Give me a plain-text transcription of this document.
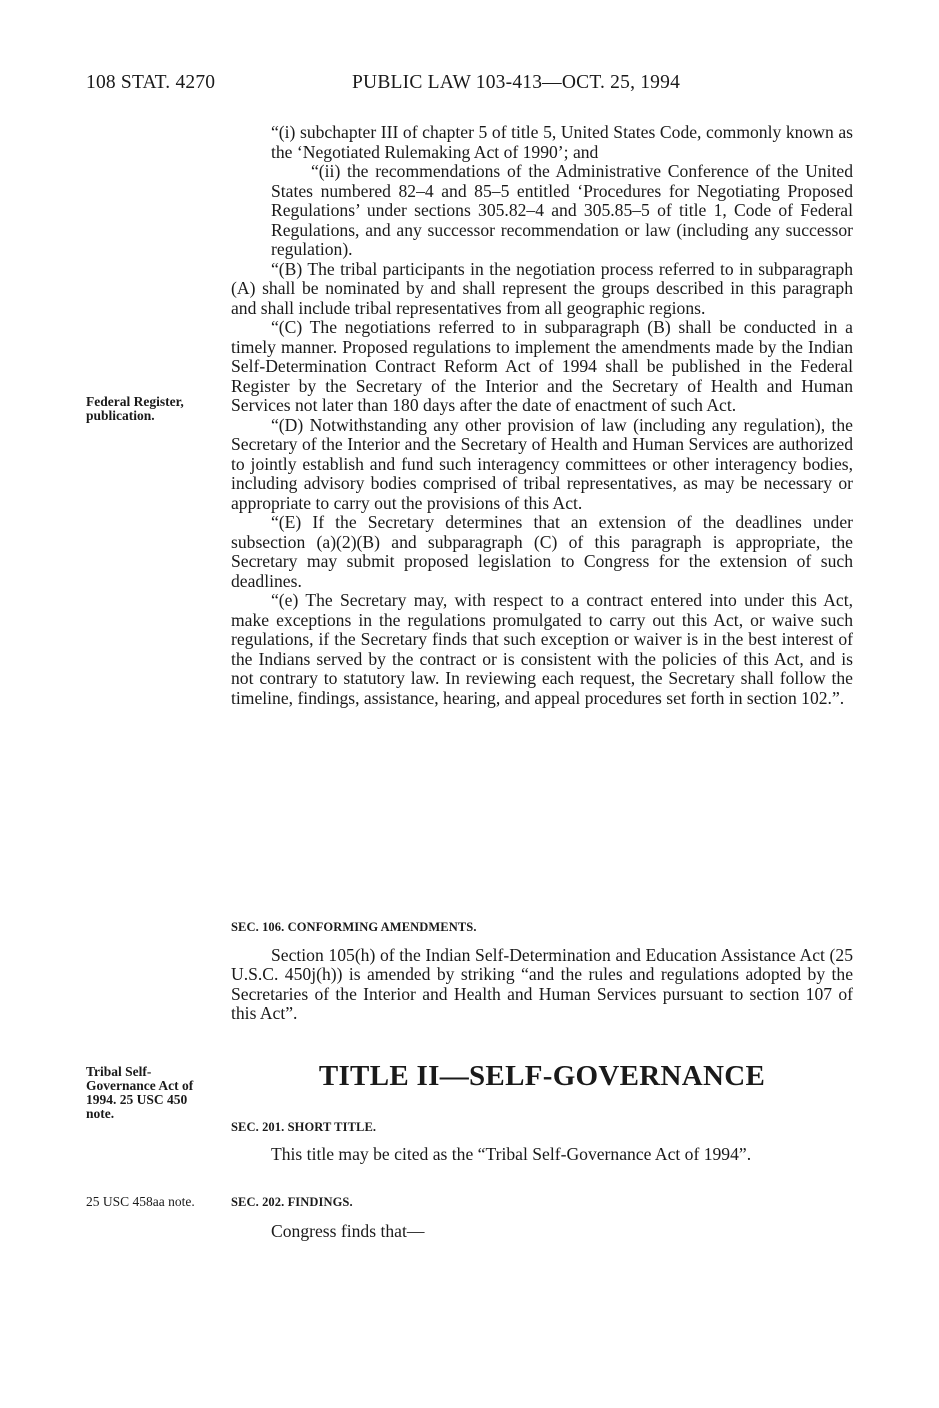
108 STAT. 4270	PUBLIC LAW 103-413—OCT. 25, 1994
Federal Register, publication.
Tribal Self-Governance Act of 1994. 25 USC 450 note.
25 USC 458aa note.

“(i) subchapter III of chapter 5 of title 5, United States Code, commonly known as the ‘Negotiated Rulemaking Act of 1990’; and

“(ii) the recommendations of the Administrative Conference of the United States numbered 82–4 and 85–5 entitled ‘Procedures for Negotiating Proposed Regulations’ under sections 305.82–4 and 305.85–5 of title 1, Code of Federal Regulations, and any successor recommendation or law (including any successor regulation).

“(B) The tribal participants in the negotiation process referred to in subparagraph (A) shall be nominated by and shall represent the groups described in this paragraph and shall include tribal representatives from all geographic regions.

“(C) The negotiations referred to in subparagraph (B) shall be conducted in a timely manner. Proposed regulations to implement the amendments made by the Indian Self-Determination Contract Reform Act of 1994 shall be published in the Federal Register by the Secretary of the Interior and the Secretary of Health and Human Services not later than 180 days after the date of enactment of such Act.

“(D) Notwithstanding any other provision of law (including any regulation), the Secretary of the Interior and the Secretary of Health and Human Services are authorized to jointly establish and fund such interagency committees or other interagency bodies, including advisory bodies comprised of tribal representatives, as may be necessary or appropriate to carry out the provisions of this Act.

“(E) If the Secretary determines that an extension of the deadlines under subsection (a)(2)(B) and subparagraph (C) of this paragraph is appropriate, the Secretary may submit proposed legislation to Congress for the extension of such deadlines.

“(e) The Secretary may, with respect to a contract entered into under this Act, make exceptions in the regulations promulgated to carry out this Act, or waive such regulations, if the Secretary finds that such exception or waiver is in the best interest of the Indians served by the contract or is consistent with the policies of this Act, and is not contrary to statutory law. In reviewing each request, the Secretary shall follow the timeline, findings, assistance, hearing, and appeal procedures set forth in section 102.”.

SEC. 106. CONFORMING AMENDMENTS.

Section 105(h) of the Indian Self-Determination and Education Assistance Act (25 U.S.C. 450j(h)) is amended by striking “and the rules and regulations adopted by the Secretaries of the Interior and Health and Human Services pursuant to section 107 of this Act”.

TITLE II—SELF-GOVERNANCE

SEC. 201. SHORT TITLE.

This title may be cited as the “Tribal Self-Governance Act of 1994”.

SEC. 202. FINDINGS.

Congress finds that—
